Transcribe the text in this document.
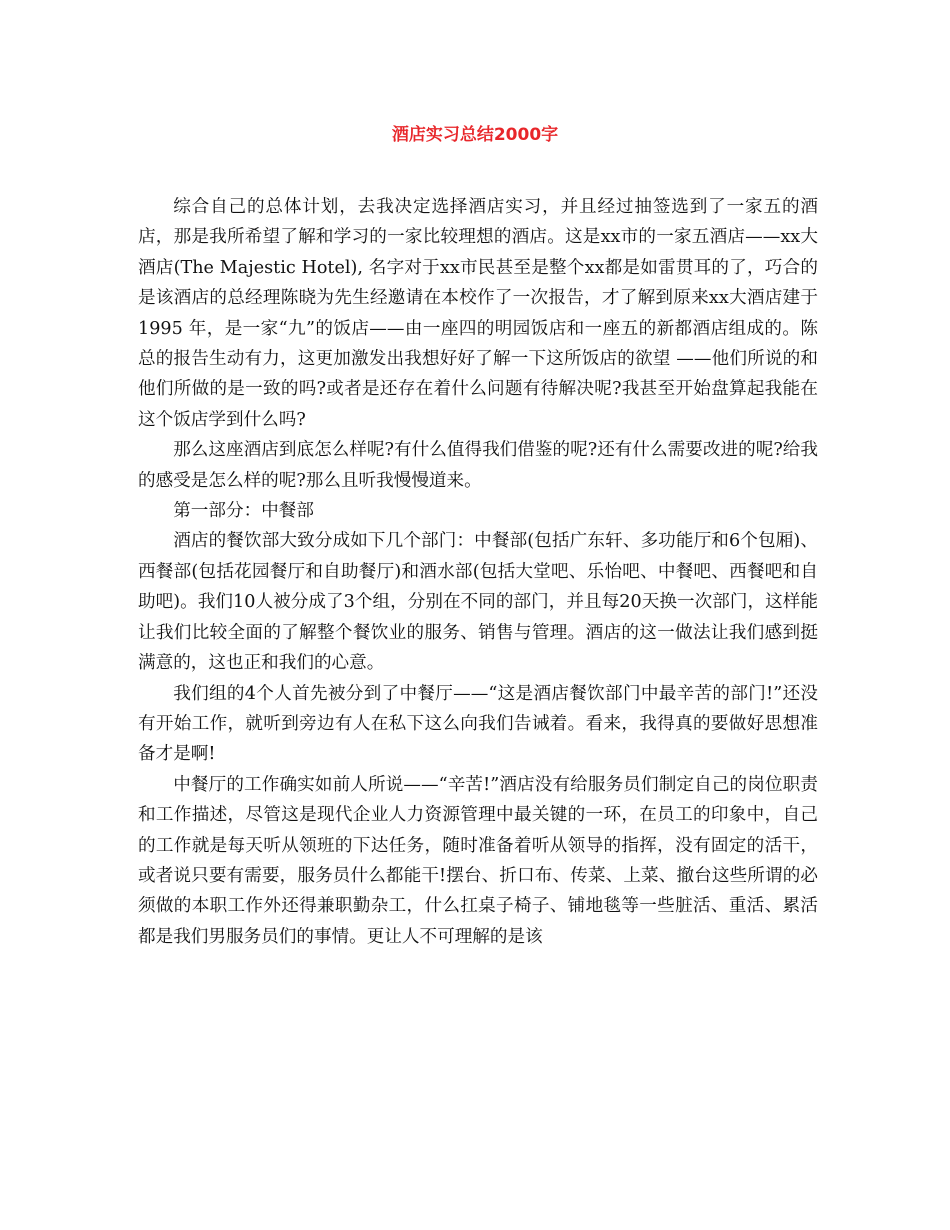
酒店实习总结2000字

综合自己的总体计划，去我决定选择酒店实习，并且经过抽签选到了一家五的酒店，那是我所希望了解和学习的一家比较理想的酒店。这是xx市的一家五酒店——xx大酒店(The Majestic Hotel), 名字对于xx市民甚至是整个xx都是如雷贯耳的了，巧合的是该酒店的总经理陈晓为先生经邀请在本校作了一次报告，才了解到原来xx大酒店建于1995 年，是一家“九”的饭店——由一座四的明园饭店和一座五的新都酒店组成的。陈总的报告生动有力，这更加激发出我想好好了解一下这所饭店的欲望 ——他们所说的和他们所做的是一致的吗?或者是还存在着什么问题有待解决呢?我甚至开始盘算起我能在这个饭店学到什么吗?

那么这座酒店到底怎么样呢?有什么值得我们借鉴的呢?还有什么需要改进的呢?给我的感受是怎么样的呢?那么且听我慢慢道来。

第一部分：中餐部

酒店的餐饮部大致分成如下几个部门：中餐部(包括广东轩、多功能厅和6个包厢)、西餐部(包括花园餐厅和自助餐厅)和酒水部(包括大堂吧、乐怡吧、中餐吧、西餐吧和自助吧)。我们10人被分成了3个组，分别在不同的部门，并且每20天换一次部门，这样能让我们比较全面的了解整个餐饮业的服务、销售与管理。酒店的这一做法让我们感到挺满意的，这也正和我们的心意。

我们组的4个人首先被分到了中餐厅——“这是酒店餐饮部门中最辛苦的部门!”还没有开始工作，就听到旁边有人在私下这么向我们告诫着。看来，我得真的要做好思想准备才是啊!

中餐厅的工作确实如前人所说——“辛苦!”酒店没有给服务员们制定自己的岗位职责和工作描述，尽管这是现代企业人力资源管理中最关键的一环，在员工的印象中，自己的工作就是每天听从领班的下达任务，随时准备着听从领导的指挥，没有固定的活干，或者说只要有需要，服务员什么都能干!摆台、折口布、传菜、上菜、撤台这些所谓的必须做的本职工作外还得兼职勤杂工，什么扛桌子椅子、铺地毯等一些脏活、重活、累活都是我们男服务员们的事情。更让人不可理解的是该
